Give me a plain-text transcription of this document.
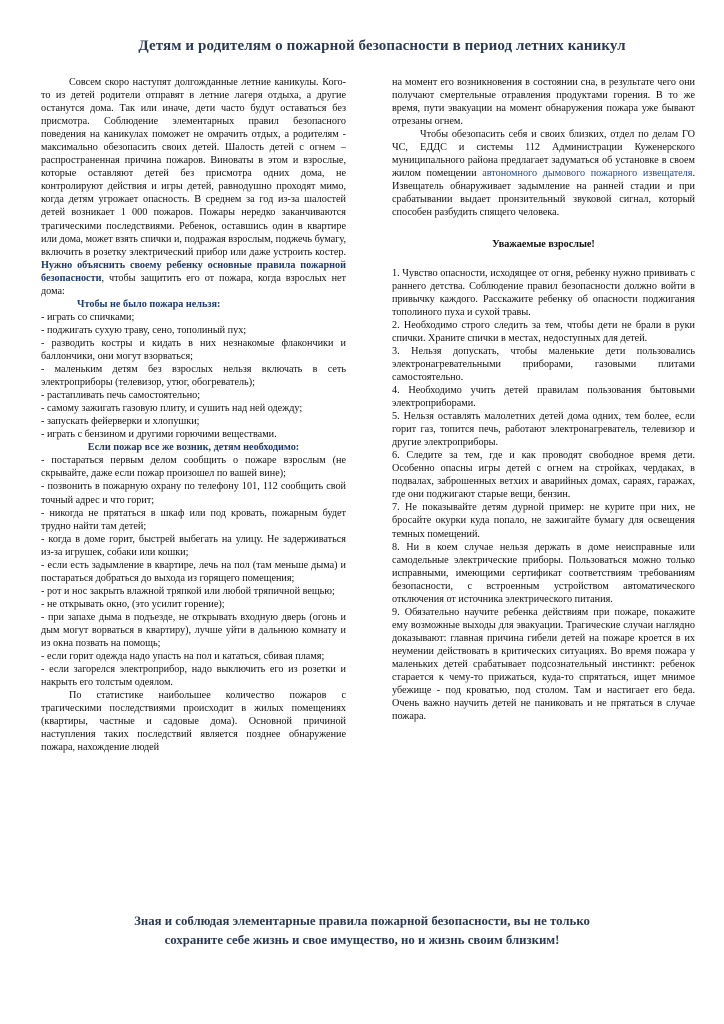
Детям и родителям о пожарной безопасности в период летних каникул

Совсем скоро наступят долгожданные летние каникулы. Кого-то из детей родители отправят в летние лагеря отдыха, а другие останутся дома. Так или иначе, дети часто будут оставаться без присмотра. Соблюдение элементарных правил безопасного поведения на каникулах поможет не омрачить отдых, а родителям - максимально обезопасить своих детей. Шалость детей с огнем – распространенная причина пожаров. Виноваты в этом и взрослые, которые оставляют детей без присмотра одних дома, не контролируют действия и игры детей, равнодушно проходят мимо, когда детям угрожает опасность. В среднем за год из-за шалостей детей возникает 1 000 пожаров. Пожары нередко заканчиваются трагическими последствиями. Ребенок, оставшись один в квартире или дома, может взять спички и, подражая взрослым, поджечь бумагу, включить в розетку электрический прибор или даже устроить костер. Нужно объяснить своему ребенку основные правила пожарной безопасности, чтобы защитить его от пожара, когда взрослых нет дома:

Чтобы не было пожара нельзя:

- играть со спичками;

- поджигать сухую траву, сено, тополиный пух;

- разводить костры и кидать в них незнакомые флакончики и баллончики, они могут взорваться;

- маленьким детям без взрослых нельзя включать в сеть электроприборы (телевизор, утюг, обогреватель);

- растапливать печь самостоятельно;

- самому зажигать газовую плиту, и сушить над ней одежду;

- запускать фейерверки и хлопушки;

- играть с бензином и другими горючими веществами.

Если пожар все же возник, детям необходимо:

- постараться первым делом сообщить о пожаре взрослым (не скрывайте, даже если пожар произошел по вашей вине);

- позвонить в пожарную охрану по телефону 101, 112 сообщить свой точный адрес и что горит;

- никогда не прятаться в шкаф или под кровать, пожарным будет трудно найти там детей;

- когда в доме горит, быстрей выбегать на улицу. Не задерживаться из-за игрушек, собаки или кошки;

- если есть задымление в квартире, лечь на пол (там меньше дыма) и постараться добраться до выхода из горящего помещения;

- рот и нос закрыть влажной тряпкой или любой тряпичной вещью;

- не открывать окно, (это усилит горение);

- при запахе дыма в подъезде, не открывать входную дверь (огонь и дым могут ворваться в квартиру), лучше уйти в дальнюю комнату и из окна позвать на помощь;

- если горит одежда надо упасть на пол и кататься, сбивая пламя;

- если загорелся электроприбор, надо выключить его из розетки и накрыть его толстым одеялом.

По статистике наибольшее количество пожаров с трагическими последствиями происходит в жилых помещениях (квартиры, частные и садовые дома). Основной причиной наступления таких последствий является позднее обнаружение пожара, нахождение людей

на момент его возникновения в состоянии сна, в результате чего они получают смертельные отравления продуктами горения. В то же время, пути эвакуации на момент обнаружения пожара уже бывают отрезаны огнем.

Чтобы обезопасить себя и своих близких, отдел по делам ГО ЧС, ЕДДС и системы 112 Администрации Куженерского муниципального района предлагает задуматься об установке в своем жилом помещении автономного дымового пожарного извещателя. Извещатель обнаруживает задымление на ранней стадии и при срабатывании выдает пронзительный звуковой сигнал, который способен разбудить спящего человека.

Уважаемые взрослые!

1. Чувство опасности, исходящее от огня, ребенку нужно прививать с раннего детства. Соблюдение правил безопасности должно войти в привычку каждого. Расскажите ребенку об опасности поджигания тополиного пуха и сухой травы.

2. Необходимо строго следить за тем, чтобы дети не брали в руки спички. Храните спички в местах, недоступных для детей.

3. Нельзя допускать, чтобы маленькие дети пользовались электронагревательными приборами, газовыми плитами самостоятельно.

4. Необходимо учить детей правилам пользования бытовыми электроприборами.

5. Нельзя оставлять малолетних детей дома одних, тем более, если горит газ, топится печь, работают электронагреватель, телевизор и другие электроприборы.

6. Следите за тем, где и как проводят свободное время дети. Особенно опасны игры детей с огнем на стройках, чердаках, в подвалах, заброшенных ветхих и аварийных домах, сараях, гаражах, где они поджигают старые вещи, бензин.

7. Не показывайте детям дурной пример: не курите при них, не бросайте окурки куда попало, не зажигайте бумагу для освещения темных помещений.

8. Ни в коем случае нельзя держать в доме неисправные или самодельные электрические приборы. Пользоваться можно только исправными, имеющими сертификат соответствиям требованиям безопасности, с встроенным устройством автоматического отключения от источника электрического питания.

9. Обязательно научите ребенка действиям при пожаре, покажите ему возможные выходы для эвакуации. Трагические случаи наглядно доказывают: главная причина гибели детей на пожаре кроется в их неумении действовать в критических ситуациях. Во время пожара у маленьких детей срабатывает подсознательный инстинкт: ребенок старается к чему-то прижаться, куда-то спрятаться, ищет мнимое убежище - под кроватью, под столом. Там и настигает его беда. Очень важно научить детей не паниковать и не прятаться в случае пожара.

Зная и соблюдая элементарные правила пожарной безопасности, вы не только
сохраните себе жизнь и свое имущество, но и жизнь своим близким!
